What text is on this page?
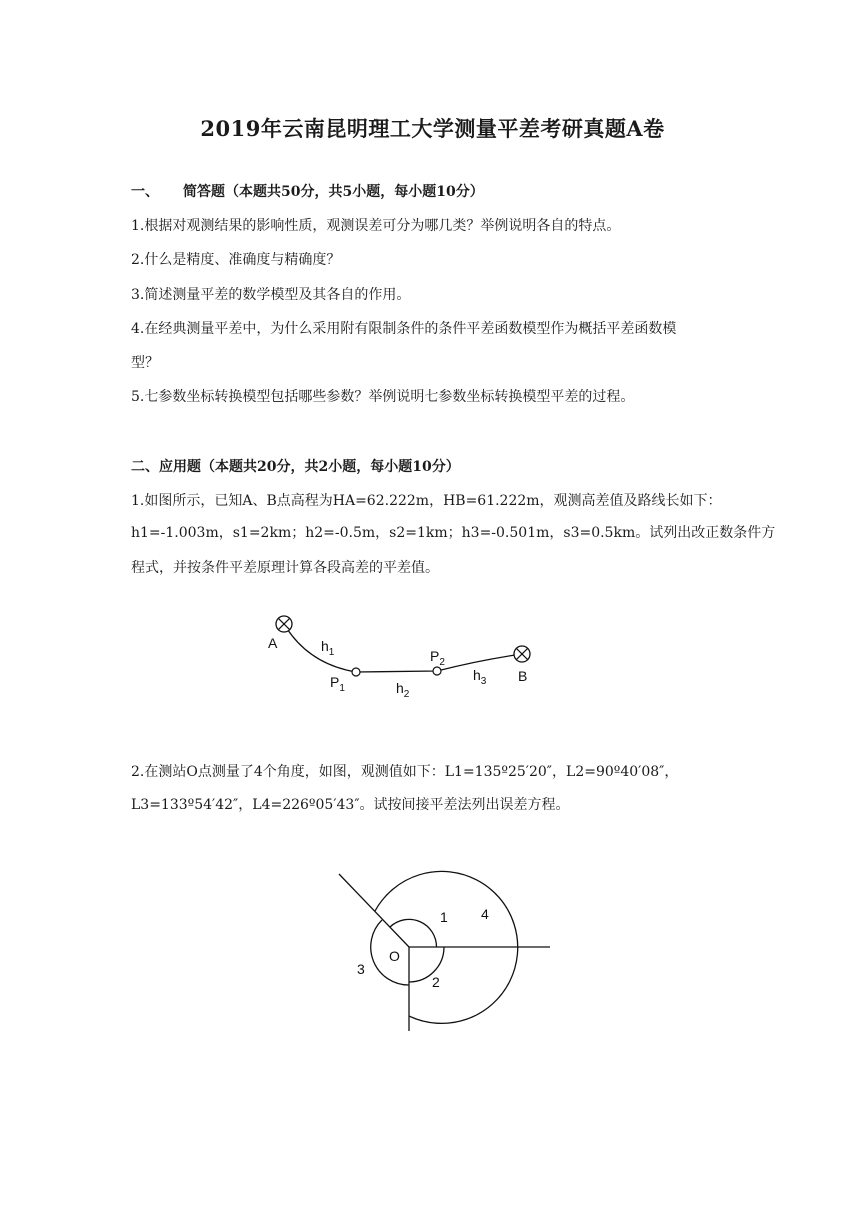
2019年云南昆明理工大学测量平差考研真题A卷
一、 简答题（本题共50分，共5小题，每小题10分）

1.根据对观测结果的影响性质，观测误差可分为哪几类？举例说明各自的特点。

2.什么是精度、准确度与精确度？

3.简述测量平差的数学模型及其各自的作用。

4.在经典测量平差中，为什么采用附有限制条件的条件平差函数模型作为概括平差函数模

型？

5.七参数坐标转换模型包括哪些参数？举例说明七参数坐标转换模型平差的过程。

二、应用题（本题共20分，共2小题，每小题10分）

1.如图所示，已知A、B点高程为HA=62.222m，HB=61.222m，观测高差值及路线长如下：

h1=-1.003m，s1=2km；h2=-0.5m，s2=1km；h3=-0.501m，s3=0.5km。试列出改正数条件方

程式，并按条件平差原理计算各段高差的平差值。

2.在测站O点测量了4个角度，如图，观测值如下：L1=135º25′20″，L2=90º40′08″，

L3=133º54′42″，L4=226º05′43″。试按间接平差法列出误差方程。

A
B
$P_1$
$P_2$
$h_1$
$h_2$
$h_3$
O
1
2
3
4
